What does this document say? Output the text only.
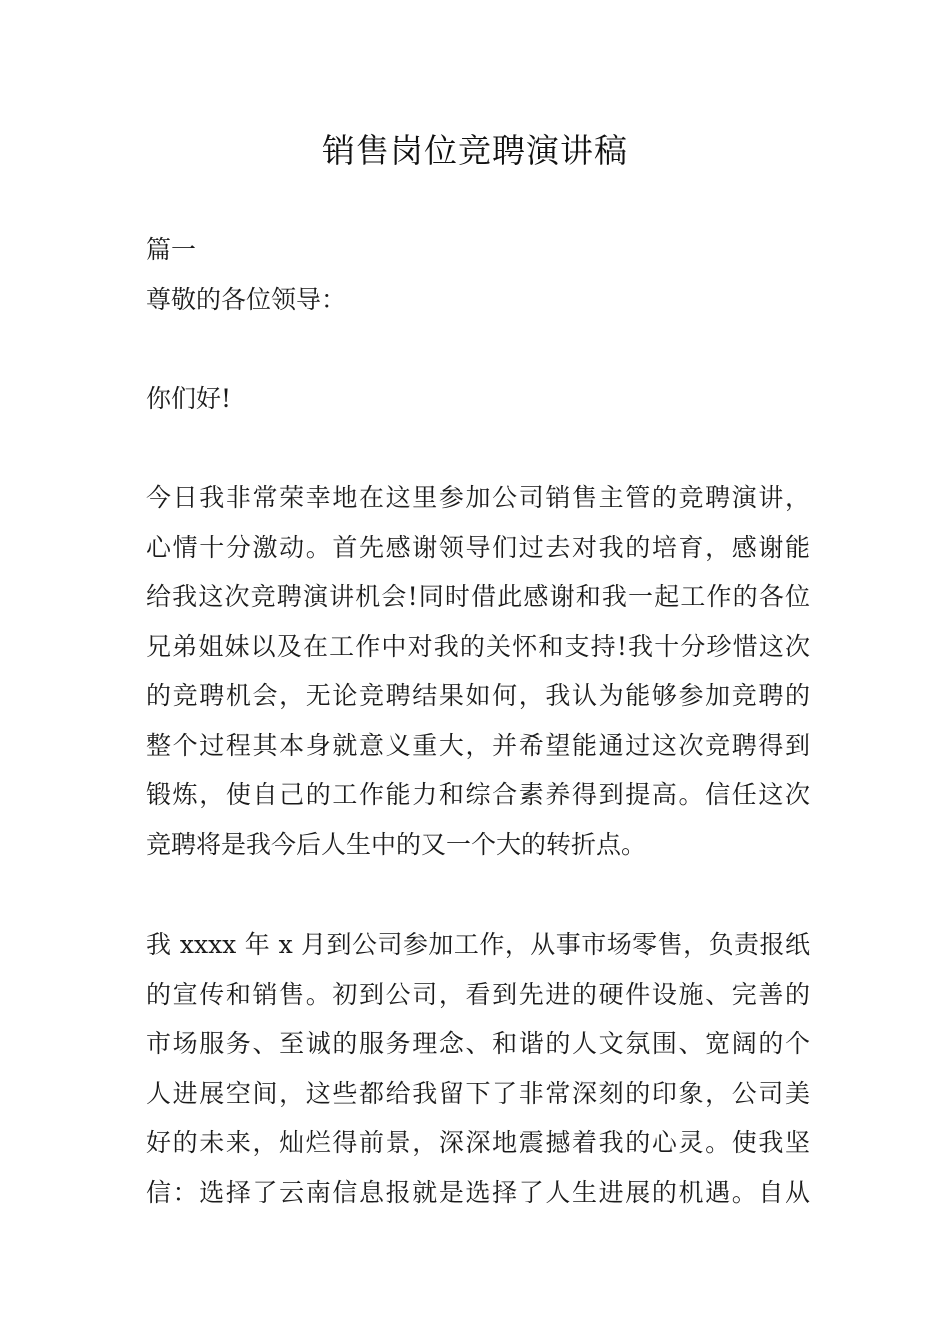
销售岗位竞聘演讲稿
篇一
尊敬的各位领导：
你们好!
今日我非常荣幸地在这里参加公司销售主管的竞聘演讲，
心情十分激动。首先感谢领导们过去对我的培育，感谢能
给我这次竞聘演讲机会!同时借此感谢和我一起工作的各位
兄弟姐妹以及在工作中对我的关怀和支持!我十分珍惜这次
的竞聘机会，无论竞聘结果如何，我认为能够参加竞聘的
整个过程其本身就意义重大，并希望能通过这次竞聘得到
锻炼，使自己的工作能力和综合素养得到提高。信任这次
竞聘将是我今后人生中的又一个大的转折点。
我 xxxx 年 x 月到公司参加工作，从事市场零售，负责报纸
的宣传和销售。初到公司，看到先进的硬件设施、完善的
市场服务、至诚的服务理念、和谐的人文氛围、宽阔的个
人进展空间，这些都给我留下了非常深刻的印象，公司美
好的未来，灿烂得前景，深深地震撼着我的心灵。使我坚
信：选择了云南信息报就是选择了人生进展的机遇。自从
